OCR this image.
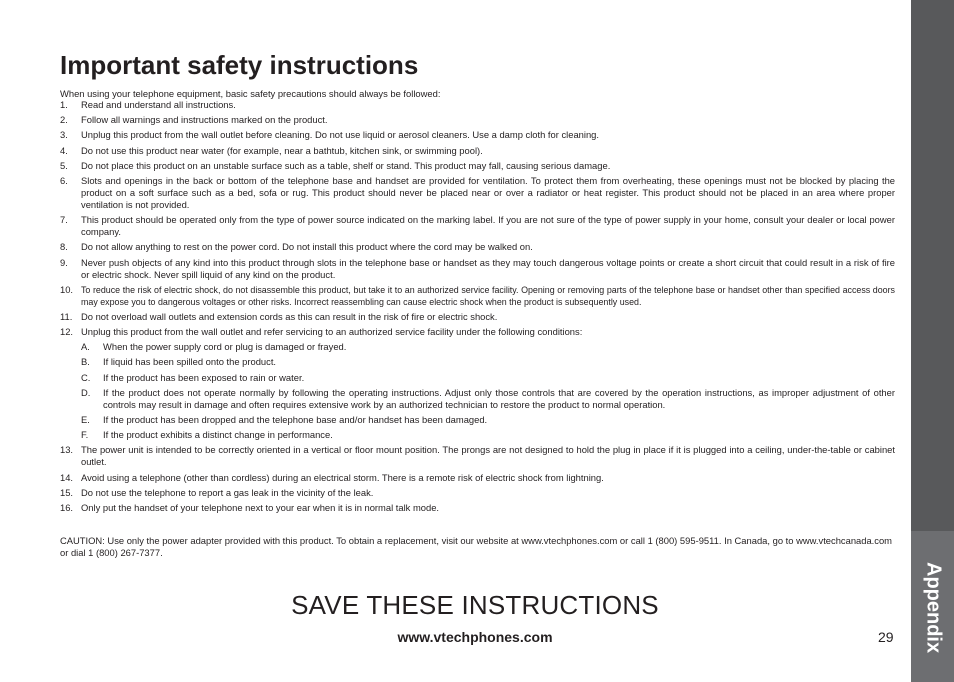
Appendix
Important safety instructions

When using your telephone equipment, basic safety precautions should always be followed:

1.	Read and understand all instructions.
2.	Follow all warnings and instructions marked on the product.
3.	Unplug this product from the wall outlet before cleaning. Do not use liquid or aerosol cleaners. Use a damp cloth for cleaning.
4.	Do not use this product near water (for example, near a bathtub, kitchen sink, or swimming pool).
5.	Do not place this product on an unstable surface such as a table, shelf or stand. This product may fall, causing serious damage.
6.	Slots and openings in the back or bottom of the telephone base and handset are provided for ventilation. To protect them from overheating, these openings must not be blocked by placing the product on a soft surface such as a bed, sofa or rug. This product should never be placed near or over a radiator or heat register. This product should not be placed in an area where proper ventilation is not provided.
7.	This product should be operated only from the type of power source indicated on the marking label. If you are not sure of the type of power supply in your home, consult your dealer or local power company.
8.	Do not allow anything to rest on the power cord. Do not install this product where the cord may be walked on.
9.	Never push objects of any kind into this product through slots in the telephone base or handset as they may touch dangerous voltage points or create a short circuit that could result in a risk of fire or electric shock. Never spill liquid of any kind on the product.
10. To reduce the risk of electric shock, do not disassemble this product, but take it to an authorized service facility. Opening or removing parts of the telephone base or handset other than specified access doors may expose you to dangerous voltages or other risks. Incorrect reassembling can cause electric shock when the product is subsequently used.
11. Do not overload wall outlets and extension cords as this can result in the risk of fire or electric shock.
12. Unplug this product from the wall outlet and refer servicing to an authorized service facility under the following conditions:
A.	When the power supply cord or plug is damaged or frayed.
B.	If liquid has been spilled onto the product.
C.	If the product has been exposed to rain or water.
D.	If the product does not operate normally by following the operating instructions. Adjust only those controls that are covered by the operation instructions, as improper adjustment of other controls may result in damage and often requires extensive work by an authorized technician to restore the product to normal operation.
E.	If the product has been dropped and the telephone base and/or handset has been damaged.
F.	If the product exhibits a distinct change in performance.
13. The power unit is intended to be correctly oriented in a vertical or floor mount position. The prongs are not designed to hold the plug in place if it is plugged into a ceiling, under-the-table or cabinet outlet.
14. Avoid using a telephone (other than cordless) during an electrical storm. There is a remote risk of electric shock from lightning.
15. Do not use the telephone to report a gas leak in the vicinity of the leak.
16. Only put the handset of your telephone next to your ear when it is in normal talk mode.

CAUTION: Use only the power adapter provided with this product. To obtain a replacement, visit our website at www.vtechphones.com or call 1 (800) 595-9511. In Canada, go to www.vtechcanada.com or dial 1 (800) 267-7377.

SAVE THESE INSTRUCTIONS
www.vtechphones.com	29
